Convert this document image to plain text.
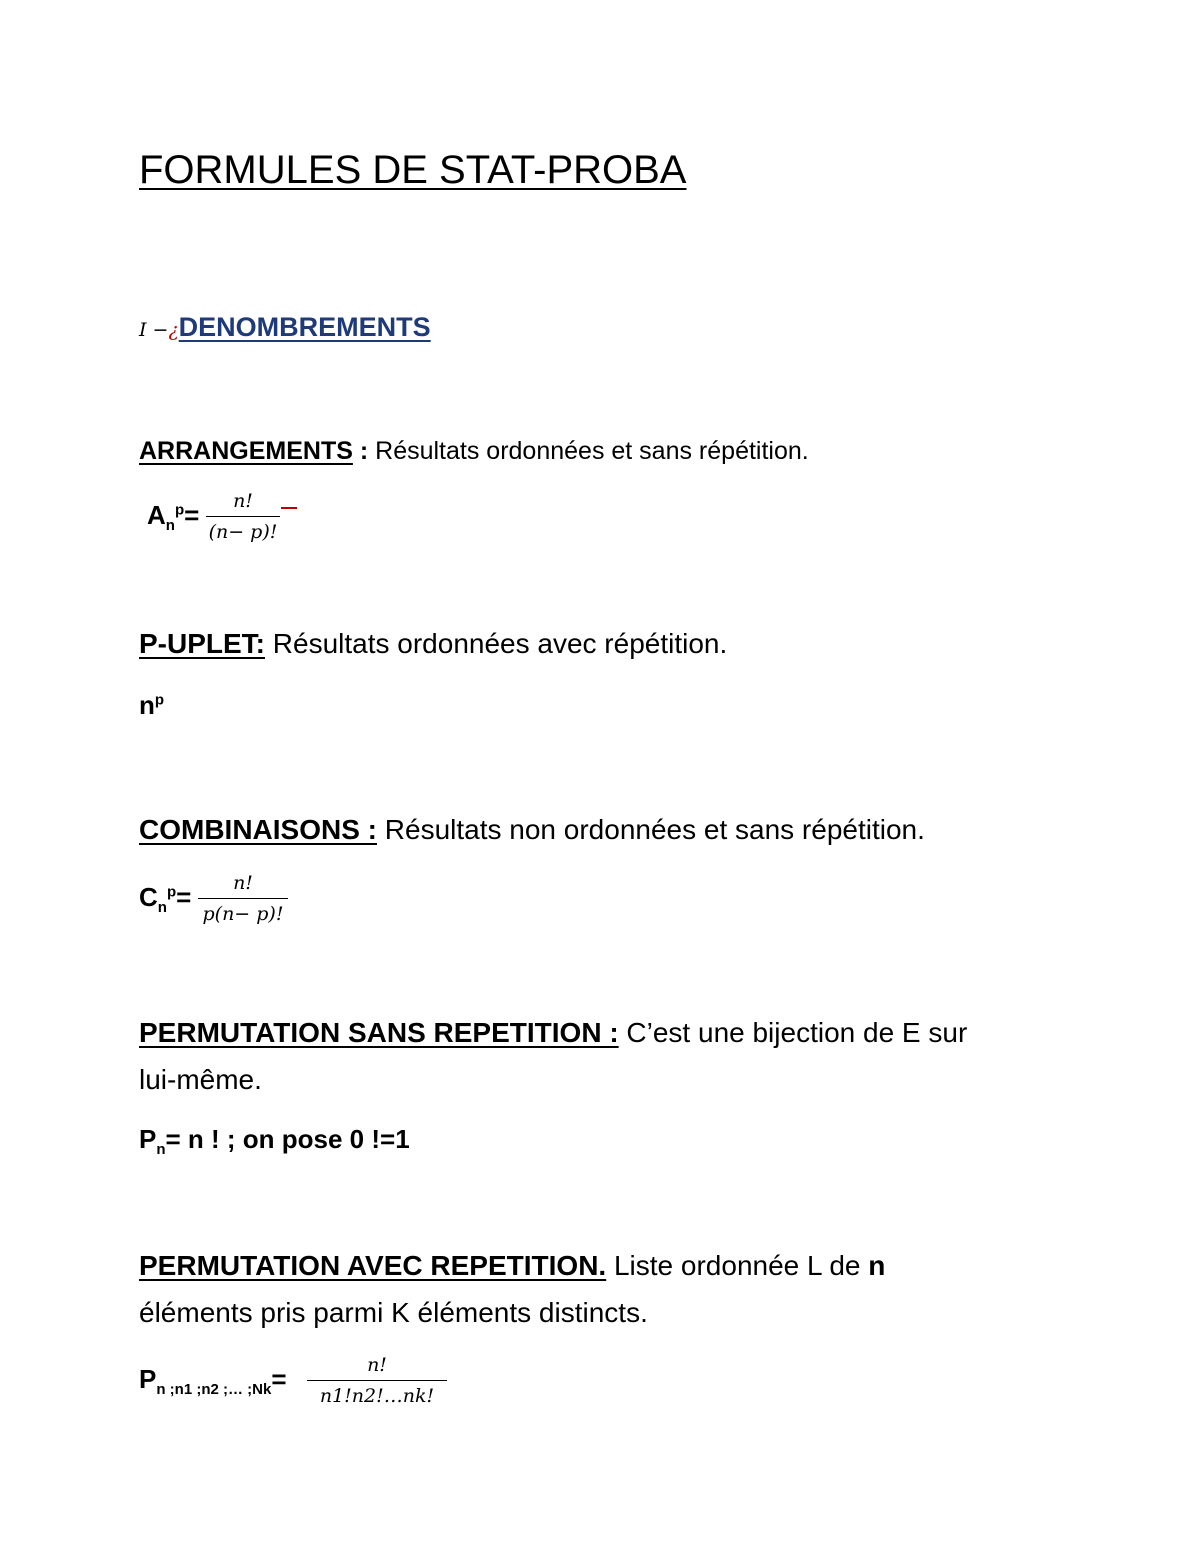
FORMULES DE STAT-PROBA
I −¿DENOMBREMENTS
ARRANGEMENTS : Résultats ordonnées et sans répétition.
$A_n^p= \frac{n!}{(n- p)!}$
P-UPLET: Résultats ordonnées avec répétition.
$n^p$
COMBINAISONS : Résultats non ordonnées et sans répétition.
$C_n^p= \frac{n!}{p(n- p)!}$
PERMUTATION SANS REPETITION : C’est une bijection de E sur
lui-même.
$P_n= n$ ! ; on pose 0 !=1
PERMUTATION AVEC REPETITION. Liste ordonnée L de n
éléments pris parmi K éléments distincts.
$P_{n ;n1 ;n2 ;\dots ;Nk}= \frac{n!}{n1!n2!\dots nk!}$
